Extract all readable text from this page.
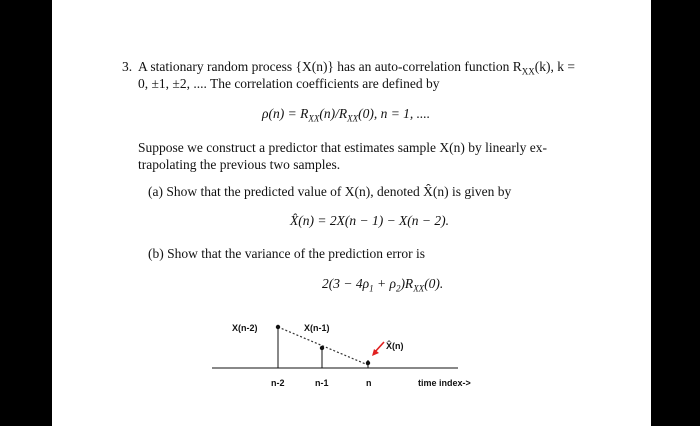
3. A stationary random process {X(n)} has an auto-correlation function $R_{XX}(k)$, k =
0, ±1, ±2, .... The correlation coefficients are defined by
$\rho(n) = R_{XX}(n)/R_{XX}(0)$, n = 1, ....
Suppose we construct a predictor that estimates sample X(n) by linearly ex-
trapolating the previous two samples.
(a) Show that the predicted value of X(n), denoted X̂(n) is given by
X̂(n) = 2X(n − 1) − X(n − 2).
(b) Show that the variance of the prediction error is
$2(3 - 4\rho_1 + \rho_2)R_{XX}(0)$.
X(n-2)	X(n-1)
X̂(n)
n-2	n-1	n	time index->
